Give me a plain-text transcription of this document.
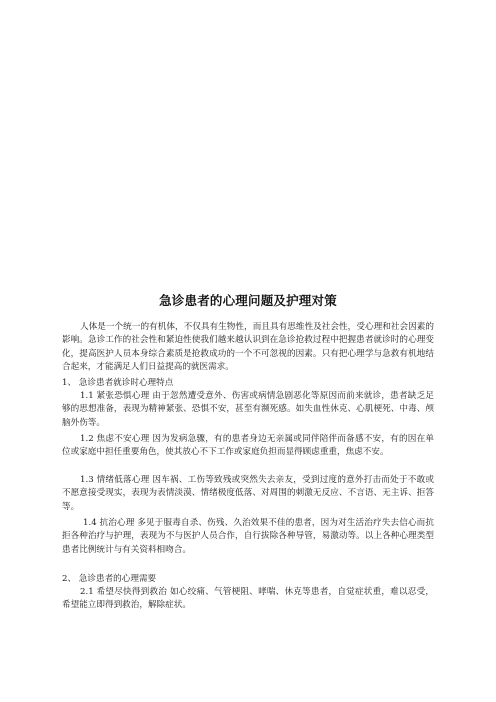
急诊患者的心理问题及护理对策
人体是一个统一的有机体，不仅具有生物性，而且具有思维性及社会性，受心理和社会因素的影响。急诊工作的社会性和紧迫性使我们越来越认识到在急诊抢救过程中把握患者就诊时的心理变化，提高医护人员本身综合素质是抢救成功的一个不可忽视的因素。只有把心理学与急救有机地结合起来，才能满足人们日益提高的就医需求。
1、 急诊患者就诊时心理特点
1.1 紧张恐惧心理 由于忽然遭受意外、伤害或病情急剧恶化等原因而前来就诊，患者缺乏足够的思想准备，表现为精神紧张、恐惧不安，甚至有濒死感。如失血性休克、心肌梗死、中毒、颅脑外伤等。
1.2 焦虑不安心理 因为发病急骤，有的患者身边无亲属或同伴陪伴而备感不安，有的因在单位或家庭中担任重要角色，使其放心不下工作或家庭负担而显得顾虑重重，焦虑不安。
1.3 情绪低落心理 因车祸、工伤等致残或突然失去亲友，受到过度的意外打击而处于不敢或不愿意接受现实，表现为表情淡漠、情绪极度低落、对周围的刺激无反应、不言语、无主诉、拒答等。
1.4 抗治心理 多见于服毒自杀、伤残、久治效果不佳的患者，因为对生活治疗失去信心而抗拒各种治疗与护理，表现为不与医护人员合作，自行拔除各种导管，易激动等。以上各种心理类型患者比例统计与有关资料相吻合。
2、 急诊患者的心理需要
2.1 希望尽快得到救治 如心绞痛、气管梗阻、哮喘、休克等患者，自觉症状重，难以忍受，希望能立即得到救治，解除症状。
